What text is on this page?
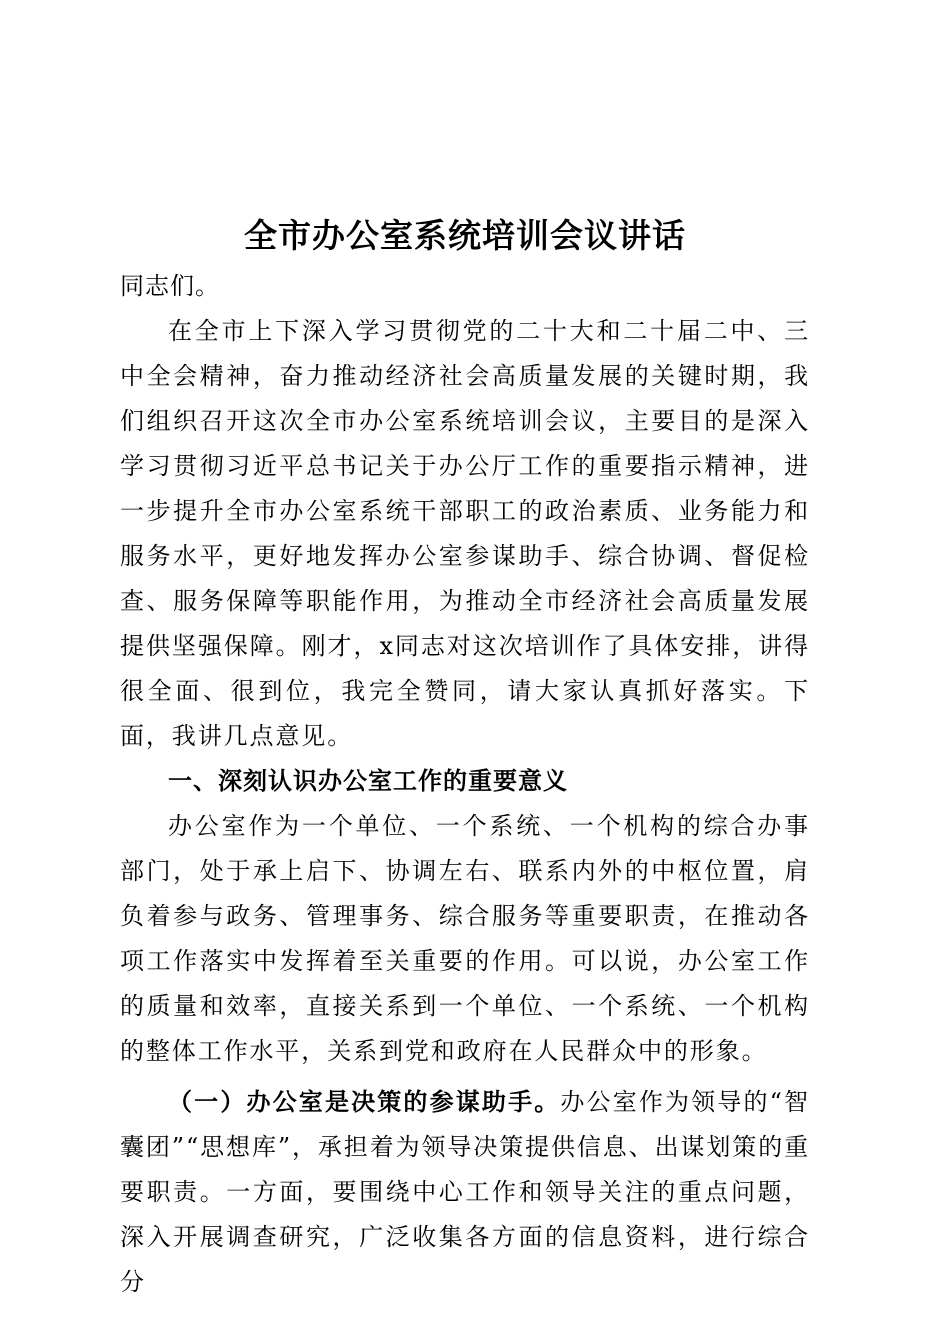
全市办公室系统培训会议讲话

同志们。

在全市上下深入学习贯彻党的二十大和二十届二中、三中全会精神，奋力推动经济社会高质量发展的关键时期，我们组织召开这次全市办公室系统培训会议，主要目的是深入学习贯彻习近平总书记关于办公厅工作的重要指示精神，进一步提升全市办公室系统干部职工的政治素质、业务能力和服务水平，更好地发挥办公室参谋助手、综合协调、督促检查、服务保障等职能作用，为推动全市经济社会高质量发展提供坚强保障。刚才，x同志对这次培训作了具体安排，讲得很全面、很到位，我完全赞同，请大家认真抓好落实。下面，我讲几点意见。

一、深刻认识办公室工作的重要意义

办公室作为一个单位、一个系统、一个机构的综合办事部门，处于承上启下、协调左右、联系内外的中枢位置，肩负着参与政务、管理事务、综合服务等重要职责，在推动各项工作落实中发挥着至关重要的作用。可以说，办公室工作的质量和效率，直接关系到一个单位、一个系统、一个机构的整体工作水平，关系到党和政府在人民群众中的形象。

（一）办公室是决策的参谋助手。办公室作为领导的“智囊团”“思想库”，承担着为领导决策提供信息、出谋划策的重要职责。一方面，要围绕中心工作和领导关注的重点问题，深入开展调查研究，广泛收集各方面的信息资料，进行综合分
